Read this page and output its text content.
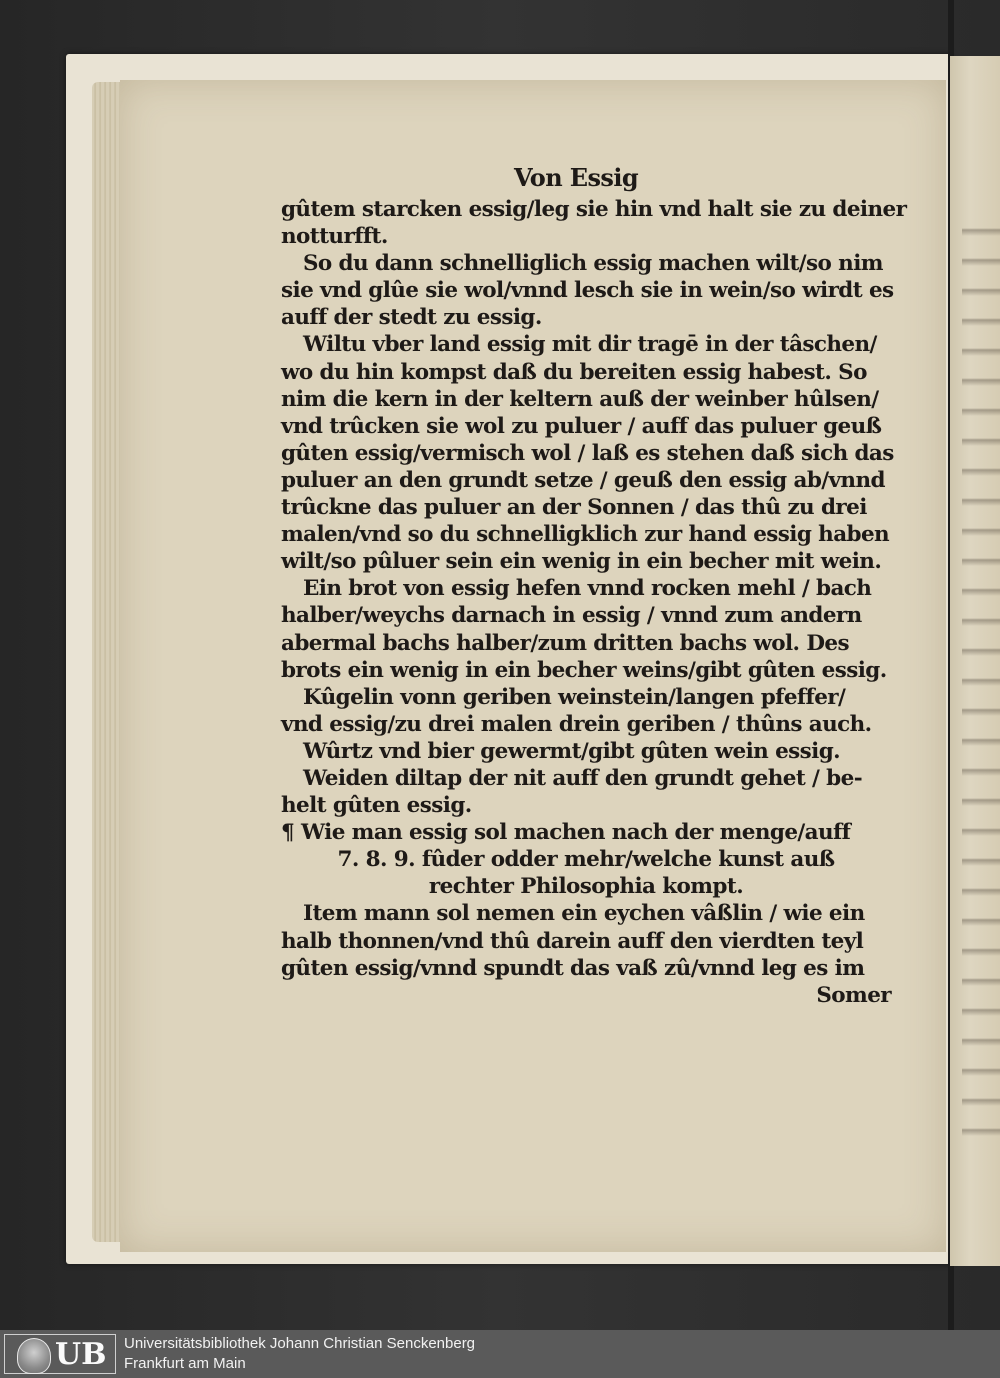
Von Essig
gûtem starcken essig/leg sie hin vnd halt sie zu deiner
notturfft.
So du dann schnelliglich essig machen wilt/so nim
sie vnd glûe sie wol/vnnd lesch sie in wein/so wirdt es
auff der stedt zu essig.
Wiltu vber land essig mit dir tragē in der tâschen/
wo du hin kompst daß du bereiten essig habest. So
nim die kern in der keltern auß der weinber hûlsen/
vnd trûcken sie wol zu puluer / auff das puluer geuß
gûten essig/vermisch wol / laß es stehen daß sich das
puluer an den grundt setze / geuß den essig ab/vnnd
trûckne das puluer an der Sonnen / das thû zu drei
malen/vnd so du schnelligklich zur hand essig haben
wilt/so pûluer sein ein wenig in ein becher mit wein.
Ein brot von essig hefen vnnd rocken mehl / bach
halber/weychs darnach in essig / vnnd zum andern
abermal bachs halber/zum dritten bachs wol. Des
brots ein wenig in ein becher weins/gibt gûten essig.
Kûgelin vonn geriben weinstein/langen pfeffer/
vnd essig/zu drei malen drein geriben / thûns auch.
Wûrtz vnd bier gewermt/gibt gûten wein essig.
Weiden diltap der nit auff den grundt gehet / be-
helt gûten essig.
¶ Wie man essig sol machen nach der menge/auff
7. 8. 9. fûder odder mehr/welche kunst auß
rechter Philosophia kompt.
Item mann sol nemen ein eychen vâßlin / wie ein
halb thonnen/vnd thû darein auff den vierdten teyl
gûten essig/vnnd spundt das vaß zû/vnnd leg es im
Somer
UB Universitätsbibliothek Johann Christian Senckenberg
Frankfurt am Main
